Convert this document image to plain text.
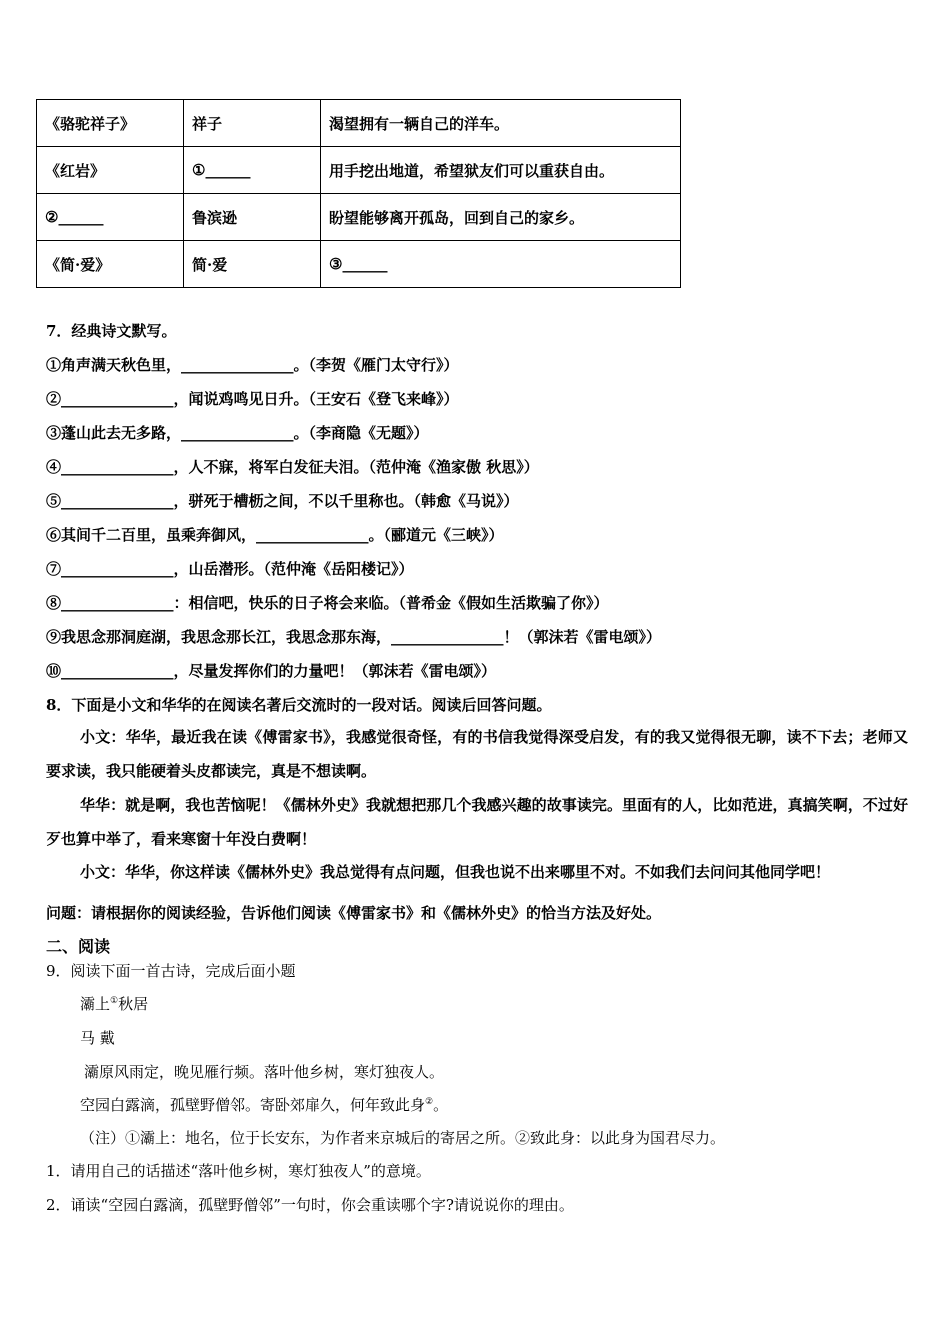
《骆驼祥子》	祥子	渴望拥有一辆自己的洋车。
《红岩》	①______	用手挖出地道，希望狱友们可以重获自由。
②______	鲁滨逊	盼望能够离开孤岛，回到自己的家乡。
《简·爱》	简·爱	③______
7．经典诗文默写。
①角声满天秋色里，_______________。（李贺《雁门太守行》）
②_______________，闻说鸡鸣见日升。（王安石《登飞来峰》）
③蓬山此去无多路，_______________。（李商隐《无题》）
④_______________，人不寐，将军白发征夫泪。（范仲淹《渔家傲 秋思》）
⑤_______________，骈死于槽枥之间，不以千里称也。（韩愈《马说》）
⑥其间千二百里，虽乘奔御风，_______________。（郦道元《三峡》）
⑦_______________，山岳潜形。（范仲淹《岳阳楼记》）
⑧_______________：相信吧，快乐的日子将会来临。（普希金《假如生活欺骗了你》）
⑨我思念那洞庭湖，我思念那长江，我思念那东海，_______________！（郭沫若《雷电颂》）
⑩_______________，尽量发挥你们的力量吧！（郭沫若《雷电颂》）
8．下面是小文和华华的在阅读名著后交流时的一段对话。阅读后回答问题。
小文：华华，最近我在读《傅雷家书》，我感觉很奇怪，有的书信我觉得深受启发，有的我又觉得很无聊，读不下去；老师又要求读，我只能硬着头皮都读完，真是不想读啊。
华华：就是啊，我也苦恼呢！《儒林外史》我就想把那几个我感兴趣的故事读完。里面有的人，比如范进，真搞笑啊，不过好歹也算中举了，看来寒窗十年没白费啊！
小文：华华，你这样读《儒林外史》我总觉得有点问题，但我也说不出来哪里不对。不如我们去问问其他同学吧！
问题：请根据你的阅读经验，告诉他们阅读《傅雷家书》和《儒林外史》的恰当方法及好处。
二、阅读
9．阅读下面一首古诗，完成后面小题
灞上①秋居
马 戴
灞原风雨定，晚见雁行频。落叶他乡树，寒灯独夜人。
空园白露滴，孤壁野僧邻。寄卧郊扉久，何年致此身②。
（注）①灞上：地名，位于长安东，为作者来京城后的寄居之所。②致此身：以此身为国君尽力。
1．请用自己的话描述“落叶他乡树，寒灯独夜人”的意境。
2．诵读“空园白露滴，孤壁野僧邻”一句时，你会重读哪个字?请说说你的理由。
